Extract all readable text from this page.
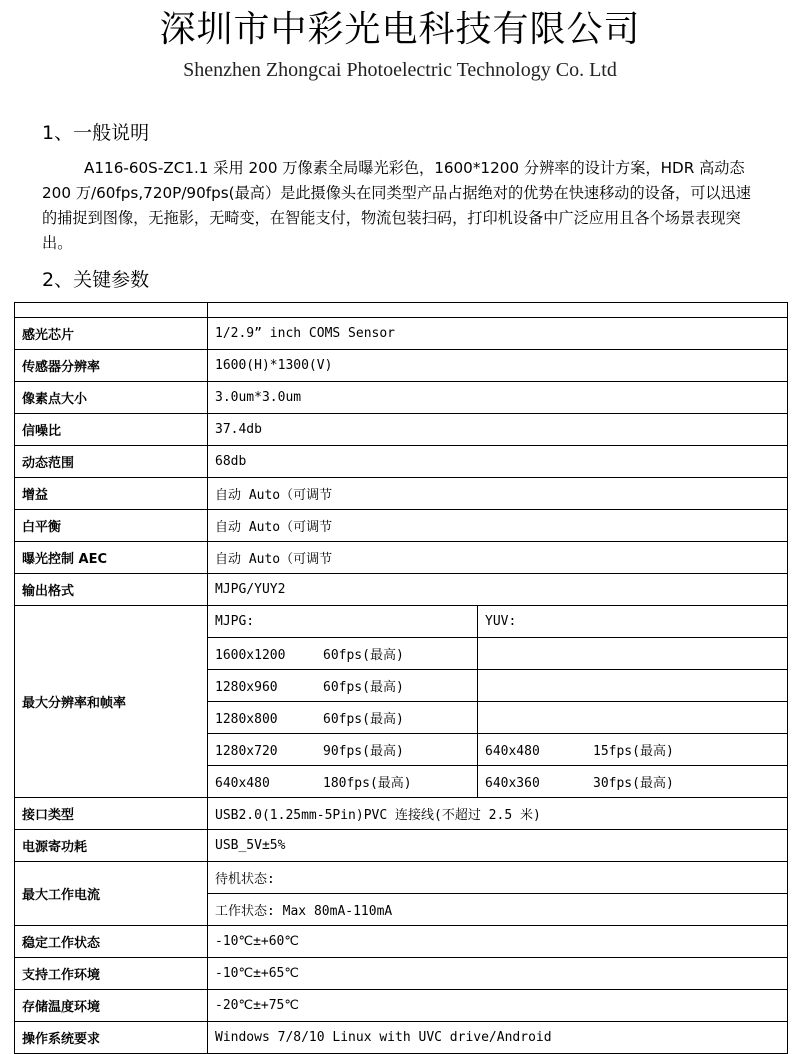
深圳市中彩光电科技有限公司
Shenzhen Zhongcai Photoelectric Technology Co. Ltd
1、一般说明

A116-60S-ZC1.1 采用 200 万像素全局曝光彩色，1600*1200 分辨率的设计方案，HDR 高动态 200 万/60fps,720P/90fps(最高）是此摄像头在同类型产品占据绝对的优势在快速移动的设备，可以迅速的捕捉到图像，无拖影，无畸变，在智能支付，物流包装扫码，打印机设备中广泛应用且各个场景表现突出。

2、关键参数

感光芯片	1/2.9” inch COMS Sensor	
传感器分辨率	1600(H)*1300(V)	
像素点大小	3.0um*3.0um	
信噪比	37.4db	
动态范围	68db	
增益	自动 Auto（可调节	
白平衡	自动 Auto（可调节	
曝光控制 AEC	自动 Auto（可调节	
输出格式	MJPG/YUY2	
最大分辨率和帧率	MJPG:	YUV:
	1600x1200 60fps(最高)	
	1280x960 60fps(最高)	
	1280x800 60fps(最高)	
	1280x720 90fps(最高)	640x480 15fps(最高)
	640x480 180fps(最高)	640x360 30fps(最高)
接口类型	USB2.0(1.25mm-5Pin)PVC 连接线(不超过 2.5 米)	
电源寄功耗	USB_5V±5%	
最大工作电流	待机状态:	
	工作状态: Max 80mA-110mA	
稳定工作状态	-10℃±+60℃	
支持工作环境	-10℃±+65℃	
存储温度环境	-20℃±+75℃	
操作系统要求	Windows 7/8/10 Linux with UVC drive/Android	
